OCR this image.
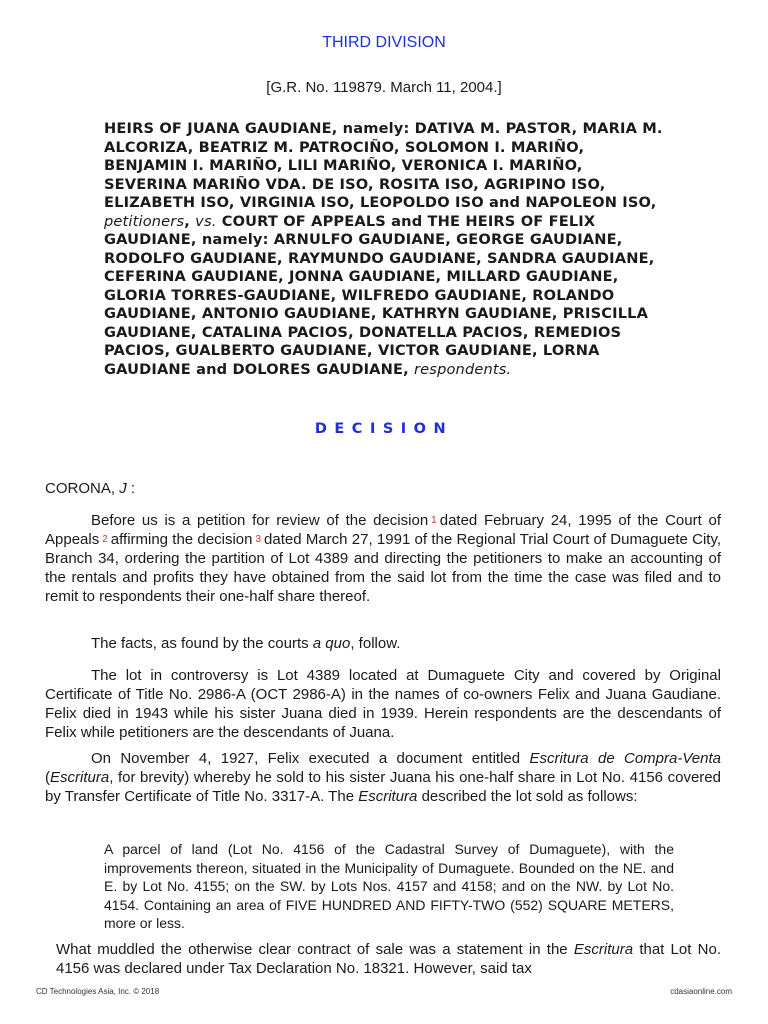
THIRD DIVISION
[G.R. No. 119879. March 11, 2004.]
HEIRS OF JUANA GAUDIANE, namely: DATIVA M. PASTOR, MARIA M. ALCORIZA, BEATRIZ M. PATROCIÑO, SOLOMON I. MARIÑO, BENJAMIN I. MARIÑO, LILI MARIÑO, VERONICA I. MARIÑO, SEVERINA MARIÑO VDA. DE ISO, ROSITA ISO, AGRIPINO ISO, ELIZABETH ISO, VIRGINIA ISO, LEOPOLDO ISO and NAPOLEON ISO, petitioners, vs. COURT OF APPEALS and THE HEIRS OF FELIX GAUDIANE, namely: ARNULFO GAUDIANE, GEORGE GAUDIANE, RODOLFO GAUDIANE, RAYMUNDO GAUDIANE, SANDRA GAUDIANE, CEFERINA GAUDIANE, JONNA GAUDIANE, MILLARD GAUDIANE, GLORIA TORRES-GAUDIANE, WILFREDO GAUDIANE, ROLANDO GAUDIANE, ANTONIO GAUDIANE, KATHRYN GAUDIANE, PRISCILLA GAUDIANE, CATALINA PACIOS, DONATELLA PACIOS, REMEDIOS PACIOS, GUALBERTO GAUDIANE, VICTOR GAUDIANE, LORNA GAUDIANE and DOLORES GAUDIANE, respondents.
DECISION
CORONA, J :

Before us is a petition for review of the decision 1 dated February 24, 1995 of the Court of Appeals 2 affirming the decision 3 dated March 27, 1991 of the Regional Trial Court of Dumaguete City, Branch 34, ordering the partition of Lot 4389 and directing the petitioners to make an accounting of the rentals and profits they have obtained from the said lot from the time the case was filed and to remit to respondents their one-half share thereof.

The facts, as found by the courts a quo, follow.

The lot in controversy is Lot 4389 located at Dumaguete City and covered by Original Certificate of Title No. 2986-A (OCT 2986-A) in the names of co-owners Felix and Juana Gaudiane. Felix died in 1943 while his sister Juana died in 1939. Herein respondents are the descendants of Felix while petitioners are the descendants of Juana.

On November 4, 1927, Felix executed a document entitled Escritura de Compra-Venta (Escritura, for brevity) whereby he sold to his sister Juana his one-half share in Lot No. 4156 covered by Transfer Certificate of Title No. 3317-A. The Escritura described the lot sold as follows:

A parcel of land (Lot No. 4156 of the Cadastral Survey of Dumaguete), with the improvements thereon, situated in the Municipality of Dumaguete. Bounded on the NE. and E. by Lot No. 4155; on the SW. by Lots Nos. 4157 and 4158; and on the NW. by Lot No. 4154. Containing an area of FIVE HUNDRED AND FIFTY-TWO (552) SQUARE METERS, more or less.

What muddled the otherwise clear contract of sale was a statement in the Escritura that Lot No. 4156 was declared under Tax Declaration No. 18321. However, said tax

CD Technologies Asia, Inc. © 2018	cdasiaonline.com
